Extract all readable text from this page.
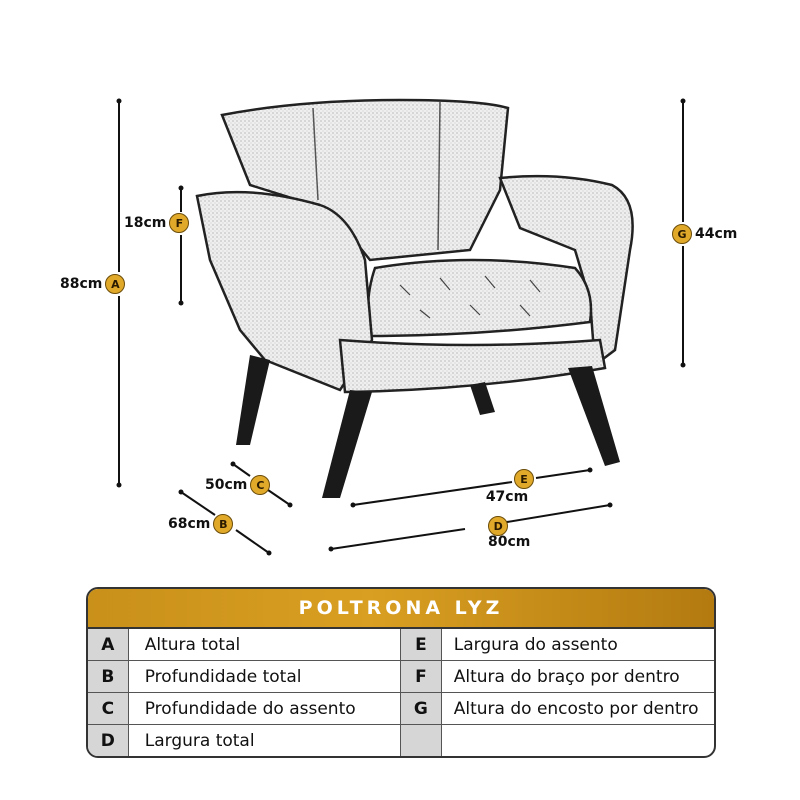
88cm A
68cm B
50cm C
D
80cm
E
47cm
18cm F
G 44cm
POLTRONA LYZ
A	Altura total	E	Largura do assento
B	Profundidade total	F	Altura do braço por dentro
C	Profundidade do assento	G	Altura do encosto por dentro
D	Largura total
